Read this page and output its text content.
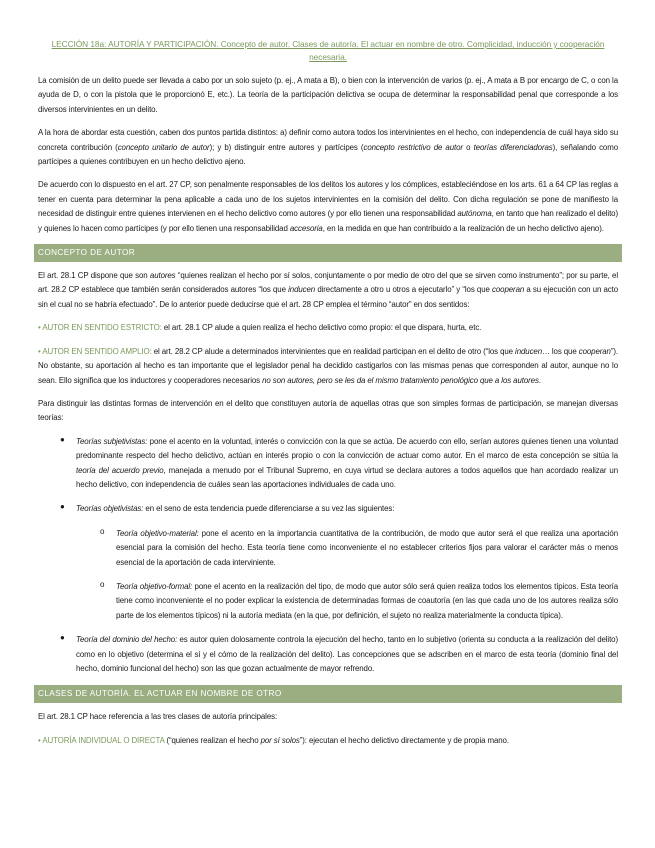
LECCIÓN 18a: AUTORÍA Y PARTICIPACIÓN. Concepto de autor. Clases de autoría. El actuar en nombre de otro. Complicidad, inducción y cooperación necesaria.

La comisión de un delito puede ser llevada a cabo por un solo sujeto (p. ej., A mata a B), o bien con la intervención de varios (p. ej., A mata a B por encargo de C, o con la ayuda de D, o con la pistola que le proporcionó E, etc.). La teoría de la participación delictiva se ocupa de determinar la responsabilidad penal que corresponde a los diversos intervinientes en un delito.

A la hora de abordar esta cuestión, caben dos puntos partida distintos: a) definir como autora todos los intervinientes en el hecho, con independencia de cuál haya sido su concreta contribución (concepto unitario de autor); y b) distinguir entre autores y partícipes (concepto restrictivo de autor o teorías diferenciadoras), señalando como partícipes a quienes contribuyen en un hecho delictivo ajeno.

De acuerdo con lo dispuesto en el art. 27 CP, son penalmente responsables de los delitos los autores y los cómplices, estableciéndose en los arts. 61 a 64 CP las reglas a tener en cuenta para determinar la pena aplicable a cada uno de los sujetos intervinientes en la comisión del delito. Con dicha regulación se pone de manifiesto la necesidad de distinguir entre quienes intervienen en el hecho delictivo como autores (y por ello tienen una responsabilidad autónoma, en tanto que han realizado el delito) y quienes lo hacen como partícipes (y por ello tienen una responsabilidad accesoria, en la medida en que han contribuido a la realización de un hecho delictivo ajeno).

CONCEPTO DE AUTOR

El art. 28.1 CP dispone que son autores “quienes realizan el hecho por sí solos, conjuntamente o por medio de otro del que se sirven como instrumento”; por su parte, el art. 28.2 CP establece que también serán considerados autores “los que inducen directamente a otro u otros a ejecutarlo” y “los que cooperan a su ejecución con un acto sin el cual no se habría efectuado”. De lo anterior puede deducirse que el art. 28 CP emplea el término “autor” en dos sentidos:

• AUTOR EN SENTIDO ESTRICTO: el art. 28.1 CP alude a quien realiza el hecho delictivo como propio: el que dispara, hurta, etc.

• AUTOR EN SENTIDO AMPLIO: el art. 28.2 CP alude a determinados intervinientes que en realidad participan en el delito de otro (“los que inducen… los que cooperan”). No obstante, su aportación al hecho es tan importante que el legislador penal ha decidido castigarlos con las mismas penas que corresponden al autor, aunque no lo sean. Ello significa que los inductores y cooperadores necesarios no son autores, pero se les da el mismo tratamiento penológico que a los autores.

Para distinguir las distintas formas de intervención en el delito que constituyen autoría de aquellas otras que son simples formas de participación, se manejan diversas teorías:

● Teorías subjetivistas: pone el acento en la voluntad, interés o convicción con la que se actúa. De acuerdo con ello, serían autores quienes tienen una voluntad predominante respecto del hecho delictivo, actúan en interés propio o con la convicción de actuar como autor. En el marco de esta concepción se sitúa la teoría del acuerdo previo, manejada a menudo por el Tribunal Supremo, en cuya virtud se declara autores a todos aquellos que han acordado realizar un hecho delictivo, con independencia de cuáles sean las aportaciones individuales de cada uno.

● Teorías objetivistas: en el seno de esta tendencia puede diferenciarse a su vez las siguientes:

o Teoría objetivo-material: pone el acento en la importancia cuantitativa de la contribución, de modo que autor será el que realiza una aportación esencial para la comisión del hecho. Esta teoría tiene como inconveniente el no establecer criterios fijos para valorar el carácter más o menos esencial de la aportación de cada interviniente.

o Teoría objetivo-formal: pone el acento en la realización del tipo, de modo que autor sólo será quien realiza todos los elementos típicos. Esta teoría tiene como inconveniente el no poder explicar la existencia de determinadas formas de coautoría (en las que cada uno de los autores realiza sólo parte de los elementos típicos) ni la autoría mediata (en la que, por definición, el sujeto no realiza materialmente la conducta típica).

● Teoría del dominio del hecho: es autor quien dolosamente controla la ejecución del hecho, tanto en lo subjetivo (orienta su conducta a la realización del delito) como en lo objetivo (determina el sí y el cómo de la realización del delito). Las concepciones que se adscriben en el marco de esta teoría (dominio final del hecho, dominio funcional del hecho) son las que gozan actualmente de mayor refrendo.

CLASES DE AUTORÍA. EL ACTUAR EN NOMBRE DE OTRO

El art. 28.1 CP hace referencia a las tres clases de autoría principales:

• AUTORÍA INDIVIDUAL O DIRECTA (“quienes realizan el hecho por sí solos”): ejecutan el hecho delictivo directamente y de propia mano.
